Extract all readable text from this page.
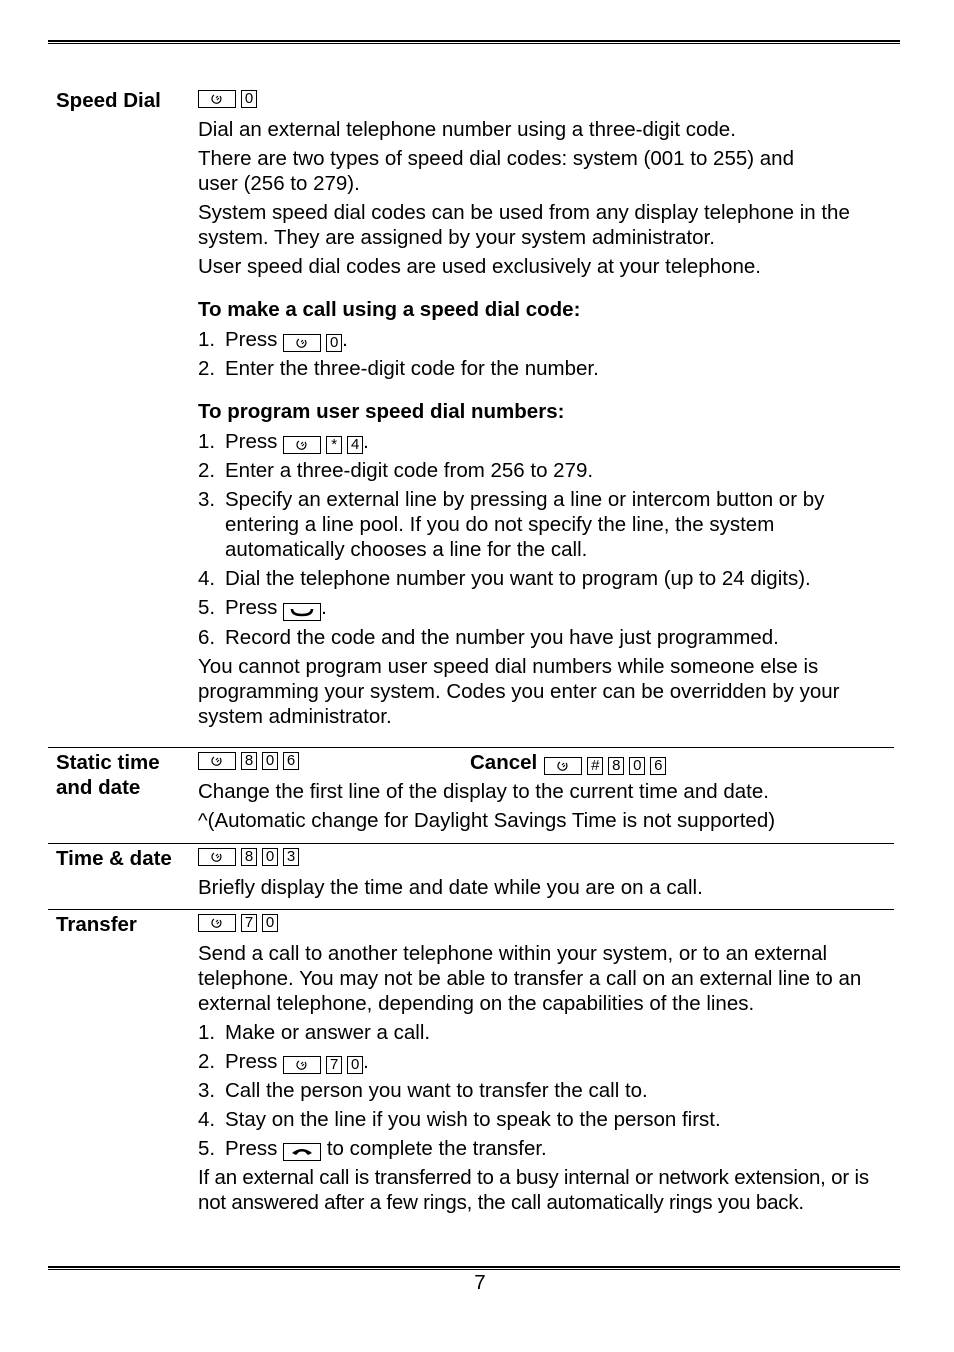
Speed Dial	0

Dial an external telephone number using a three-digit code.

There are two types of speed dial codes: system (001 to 255) and user (256 to 279).

System speed dial codes can be used from any display telephone in the system. They are assigned by your system administrator.

User speed dial codes are used exclusively at your telephone.

To make a call using a speed dial code:
1. Press	0 .
2. Enter the three-digit code for the number.
To program user speed dial numbers:
1. Press	* 4 .
2. Enter a three-digit code from 256 to 279.
3. Specify an external line by pressing a line or intercom button or by entering a line pool. If you do not specify the line, the system automatically chooses a line for the call.
4. Dial the telephone number you want to program (up to 24 digits).
5. Press .
6. Record the code and the number you have just programmed.

You cannot program user speed dial numbers while someone else is programming your system. Codes you enter can be overridden by your system administrator.

Static time and date
8 0 6	Cancel	# 8 0 6

Change the first line of the display to the current time and date.

^(Automatic change for Daylight Savings Time is not supported)

Time & date	8 0 3

Briefly display the time and date while you are on a call.

Transfer	7 0

Send a call to another telephone within your system, or to an external telephone. You may not be able to transfer a call on an external line to an external telephone, depending on the capabilities of the lines.

1. Make or answer a call.
2. Press	7 0 .
3. Call the person you want to transfer the call to.
4. Stay on the line if you wish to speak to the person first.
5. Press to complete the transfer.

If an external call is transferred to a busy internal or network extension, or is not answered after a few rings, the call automatically rings you back.

7
